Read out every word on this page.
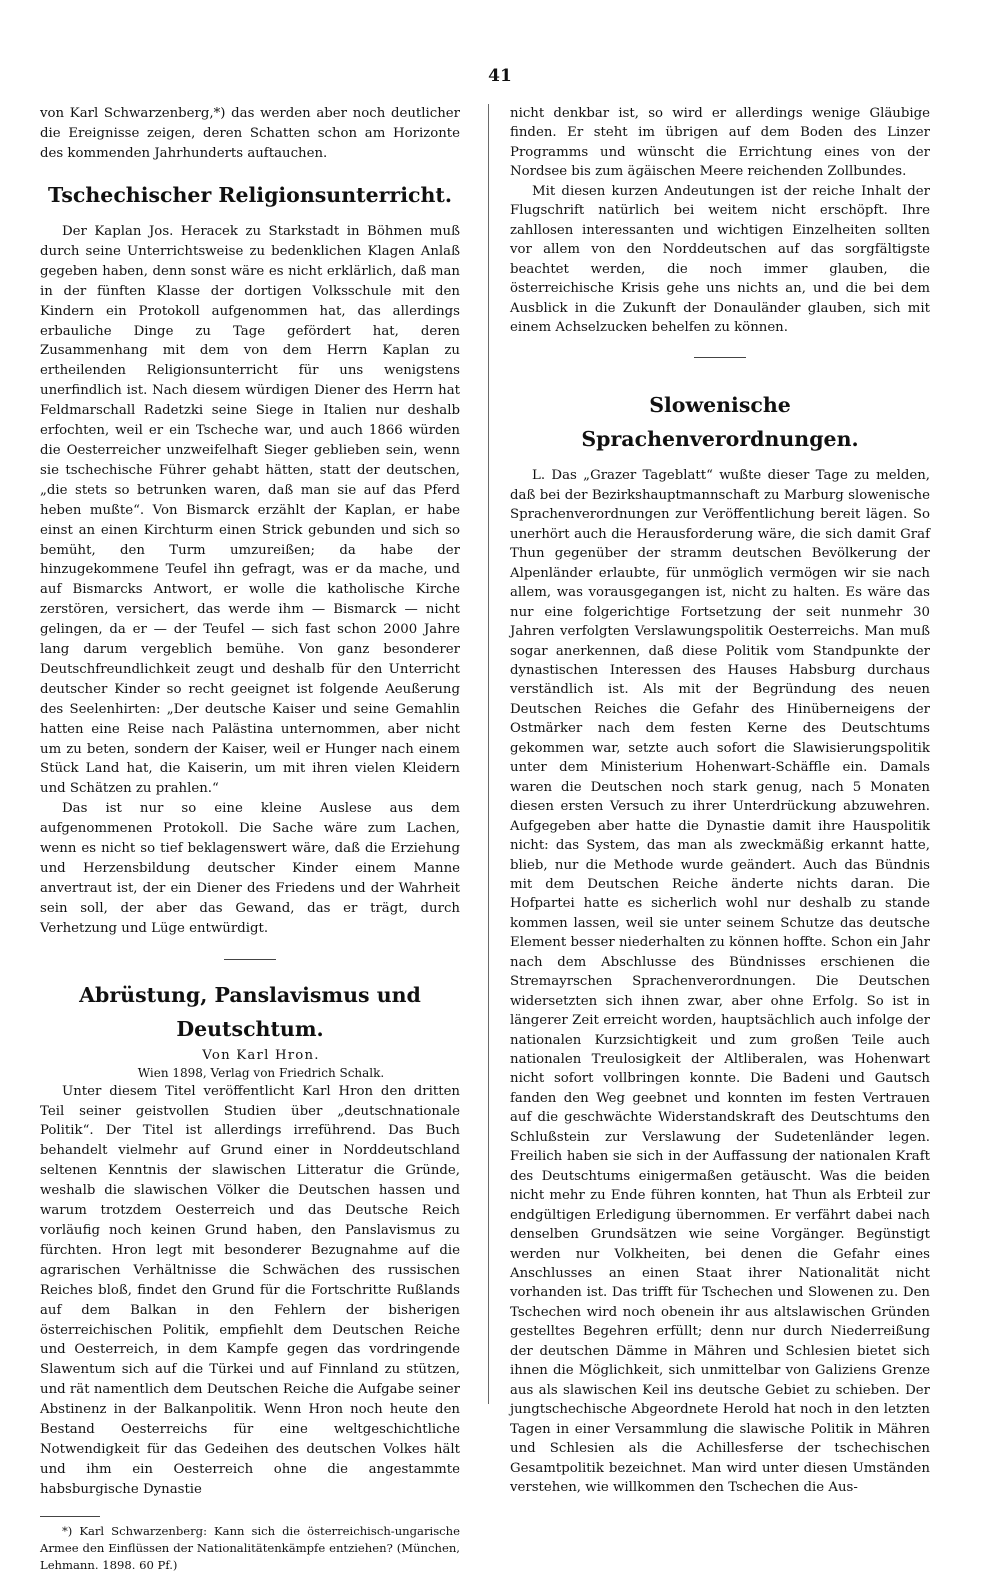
41

von Karl Schwarzenberg,*) das werden aber noch deutlicher die Ereignisse zeigen, deren Schatten schon am Horizonte des kommenden Jahrhunderts auftauchen.

Tschechischer Religionsunterricht.

Der Kaplan Jos. Heracek zu Starkstadt in Böhmen muß durch seine Unterrichtsweise zu bedenklichen Klagen Anlaß gegeben haben, denn sonst wäre es nicht erklärlich, daß man in der fünften Klasse der dortigen Volksschule mit den Kindern ein Protokoll aufgenommen hat, das allerdings erbauliche Dinge zu Tage gefördert hat, deren Zusammenhang mit dem von dem Herrn Kaplan zu ertheilenden Religionsunterricht für uns wenigstens unerfindlich ist. Nach diesem würdigen Diener des Herrn hat Feldmarschall Radetzki seine Siege in Italien nur deshalb erfochten, weil er ein Tscheche war, und auch 1866 würden die Oesterreicher unzweifelhaft Sieger geblieben sein, wenn sie tschechische Führer gehabt hätten, statt der deutschen, „die stets so betrunken waren, daß man sie auf das Pferd heben mußte“. Von Bismarck erzählt der Kaplan, er habe einst an einen Kirchturm einen Strick gebunden und sich so bemüht, den Turm umzureißen; da habe der hinzugekommene Teufel ihn gefragt, was er da mache, und auf Bismarcks Antwort, er wolle die katholische Kirche zerstören, versichert, das werde ihm — Bismarck — nicht gelingen, da er — der Teufel — sich fast schon 2000 Jahre lang darum vergeblich bemühe. Von ganz besonderer Deutschfreundlichkeit zeugt und deshalb für den Unterricht deutscher Kinder so recht geeignet ist folgende Aeußerung des Seelenhirten: „Der deutsche Kaiser und seine Gemahlin hatten eine Reise nach Palästina unternommen, aber nicht um zu beten, sondern der Kaiser, weil er Hunger nach einem Stück Land hat, die Kaiserin, um mit ihren vielen Kleidern und Schätzen zu prahlen.“

Das ist nur so eine kleine Auslese aus dem aufgenommenen Protokoll. Die Sache wäre zum Lachen, wenn es nicht so tief beklagenswert wäre, daß die Erziehung und Herzensbildung deutscher Kinder einem Manne anvertraut ist, der ein Diener des Friedens und der Wahrheit sein soll, der aber das Gewand, das er trägt, durch Verhetzung und Lüge entwürdigt.

Abrüstung, Panslavismus und Deutschtum.

Von Karl Hron.

Wien 1898, Verlag von Friedrich Schalk.

Unter diesem Titel veröffentlicht Karl Hron den dritten Teil seiner geistvollen Studien über „deutschnationale Politik“. Der Titel ist allerdings irreführend. Das Buch behandelt vielmehr auf Grund einer in Norddeutschland seltenen Kenntnis der slawischen Litteratur die Gründe, weshalb die slawischen Völker die Deutschen hassen und warum trotzdem Oesterreich und das Deutsche Reich vorläufig noch keinen Grund haben, den Panslavismus zu fürchten. Hron legt mit besonderer Bezugnahme auf die agrarischen Verhältnisse die Schwächen des russischen Reiches bloß, findet den Grund für die Fortschritte Rußlands auf dem Balkan in den Fehlern der bisherigen österreichischen Politik, empfiehlt dem Deutschen Reiche und Oesterreich, in dem Kampfe gegen das vordringende Slawentum sich auf die Türkei und auf Finnland zu stützen, und rät namentlich dem Deutschen Reiche die Aufgabe seiner Abstinenz in der Balkanpolitik. Wenn Hron noch heute den Bestand Oesterreichs für eine weltgeschichtliche Notwendigkeit für das Gedeihen des deutschen Volkes hält und ihm ein Oesterreich ohne die angestammte habsburgische Dynastie

*) Karl Schwarzenberg: Kann sich die österreichisch-ungarische Armee den Einflüssen der Nationalitätenkämpfe entziehen? (München, Lehmann. 1898. 60 Pf.)

nicht denkbar ist, so wird er allerdings wenige Gläubige finden. Er steht im übrigen auf dem Boden des Linzer Programms und wünscht die Errichtung eines von der Nordsee bis zum ägäischen Meere reichenden Zollbundes.

Mit diesen kurzen Andeutungen ist der reiche Inhalt der Flugschrift natürlich bei weitem nicht erschöpft. Ihre zahllosen interessanten und wichtigen Einzelheiten sollten vor allem von den Norddeutschen auf das sorgfältigste beachtet werden, die noch immer glauben, die österreichische Krisis gehe uns nichts an, und die bei dem Ausblick in die Zukunft der Donauländer glauben, sich mit einem Achselzucken behelfen zu können.

Slowenische Sprachenverordnungen.

L. Das „Grazer Tageblatt“ wußte dieser Tage zu melden, daß bei der Bezirkshauptmannschaft zu Marburg slowenische Sprachenverordnungen zur Veröffentlichung bereit lägen. So unerhört auch die Herausforderung wäre, die sich damit Graf Thun gegenüber der stramm deutschen Bevölkerung der Alpenländer erlaubte, für unmöglich vermögen wir sie nach allem, was vorausgegangen ist, nicht zu halten. Es wäre das nur eine folgerichtige Fortsetzung der seit nunmehr 30 Jahren verfolgten Verslawungspolitik Oesterreichs. Man muß sogar anerkennen, daß diese Politik vom Standpunkte der dynastischen Interessen des Hauses Habsburg durchaus verständlich ist. Als mit der Begründung des neuen Deutschen Reiches die Gefahr des Hinüberneigens der Ostmärker nach dem festen Kerne des Deutschtums gekommen war, setzte auch sofort die Slawisierungspolitik unter dem Ministerium Hohenwart-Schäffle ein. Damals waren die Deutschen noch stark genug, nach 5 Monaten diesen ersten Versuch zu ihrer Unterdrückung abzuwehren. Aufgegeben aber hatte die Dynastie damit ihre Hauspolitik nicht: das System, das man als zweckmäßig erkannt hatte, blieb, nur die Methode wurde geändert. Auch das Bündnis mit dem Deutschen Reiche änderte nichts daran. Die Hofpartei hatte es sicherlich wohl nur deshalb zu stande kommen lassen, weil sie unter seinem Schutze das deutsche Element besser niederhalten zu können hoffte. Schon ein Jahr nach dem Abschlusse des Bündnisses erschienen die Stremayrschen Sprachenverordnungen. Die Deutschen widersetzten sich ihnen zwar, aber ohne Erfolg. So ist in längerer Zeit erreicht worden, hauptsächlich auch infolge der nationalen Kurzsichtigkeit und zum großen Teile auch nationalen Treulosigkeit der Altliberalen, was Hohenwart nicht sofort vollbringen konnte. Die Badeni und Gautsch fanden den Weg geebnet und konnten im festen Vertrauen auf die geschwächte Widerstandskraft des Deutschtums den Schlußstein zur Verslawung der Sudetenländer legen. Freilich haben sie sich in der Auffassung der nationalen Kraft des Deutschtums einigermaßen getäuscht. Was die beiden nicht mehr zu Ende führen konnten, hat Thun als Erbteil zur endgültigen Erledigung übernommen. Er verfährt dabei nach denselben Grundsätzen wie seine Vorgänger. Begünstigt werden nur Volkheiten, bei denen die Gefahr eines Anschlusses an einen Staat ihrer Nationalität nicht vorhanden ist. Das trifft für Tschechen und Slowenen zu. Den Tschechen wird noch obenein ihr aus altslawischen Gründen gestelltes Begehren erfüllt; denn nur durch Niederreißung der deutschen Dämme in Mähren und Schlesien bietet sich ihnen die Möglichkeit, sich unmittelbar von Galiziens Grenze aus als slawischen Keil ins deutsche Gebiet zu schieben. Der jungtschechische Abgeordnete Herold hat noch in den letzten Tagen in einer Versammlung die slawische Politik in Mähren und Schlesien als die Achillesferse der tschechischen Gesamtpolitik bezeichnet. Man wird unter diesen Umständen verstehen, wie willkommen den Tschechen die Aus-
